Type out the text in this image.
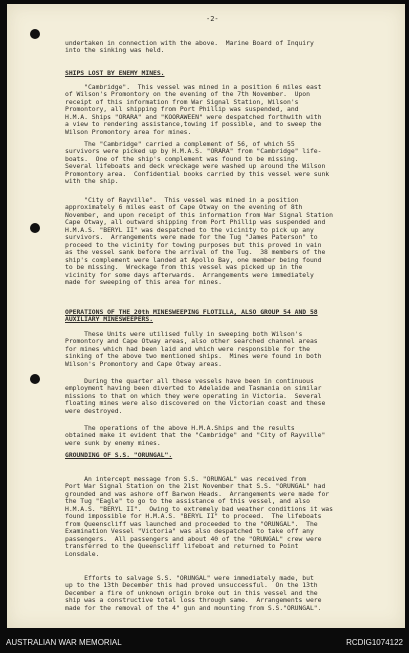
-2-

undertaken in connection with the above.  Marine Board of Inquiry
into the sinking was held.

SHIPS LOST BY ENEMY MINES.

"Cambridge".  This vessel was mined in a position 6 miles east
of Wilson's Promontory on the evening of the 7th November.  Upon
receipt of this information from War Signal Station, Wilson's
Promontory, all shipping from Port Phillip was suspended, and
H.M.A. Ships "ORARA" and "KOORAWEEN" were despatched forthwith with
a view to rendering assistance,towing if possible, and to sweep the
Wilson Promontory area for mines.

The "Cambridge" carried a complement of 56, of which 55
survivors were picked up by H.M.A.S. "ORARA" from "Cambridge" life-
boats.  One of the ship's complement was found to be missing.
Several lifeboats and deck wreckage were washed up around the Wilson
Promontory area.  Confidential books carried by this vessel were sunk
with the ship.

"City of Rayville".  This vessel was mined in a position
approximately 6 miles east of Cape Otway on the evening of 8th
November, and upon receipt of this information from War Signal Station
Cape Otway, all outward shipping from Port Phillip was suspended and
H.M.A.S. "BERYL II" was despatched to the vicinity to pick up any
survivors.  Arrangements were made for the Tug "James Paterson" to
proceed to the vicinity for towing purposes but this proved in vain
as the vessel sank before the arrival of the Tug.  38 members of the
ship's complement were landed at Apollo Bay, one member being found
to be missing.  Wreckage from this vessel was picked up in the
vicinity for some days afterwards.  Arrangements were immediately
made for sweeping of this area for mines.

OPERATIONS OF THE 20th MINESWEEPING FLOTILLA, ALSO GROUP 54 AND 58
AUXILIARY MINESWEEPERS.

These Units were utilised fully in sweeping both Wilson's
Promontory and Cape Otway areas, also other searched channel areas
for mines which had been laid and which were responsible for the
sinking of the above two mentioned ships.  Mines were found in both
Wilson's Promontory and Cape Otway areas.

During the quarter all these vessels have been in continuous
employment having been diverted to Adelaide and Tasmania on similar
missions to that on which they were operating in Victoria.  Several
floating mines were also discovered on the Victorian coast and these
were destroyed.

The operations of the above H.M.A.Ships and the results
obtained make it evident that the "Cambridge" and "City of Rayville"
were sunk by enemy mines.

GROUNDING OF S.S. "ORUNGAL".

An intercept message from S.S. "ORUNGAL" was received from
Port War Signal Station on the 21st November that S.S. "ORUNGAL" had
grounded and was ashore off Barwon Heads.  Arrangements were made for
the Tug "Eagle" to go to the assistance of this vessel, and also
H.M.A.S. "BERYL II".  Owing to extremely bad weather conditions it was
found impossible for H.M.A.S. "BERYL II" to proceed.  The lifeboats
from Queenscliff was launched and proceeded to the "ORUNGAL".  The
Examination Vessel "Victoria" was also despatched to take off any
passengers.  All passengers and about 40 of the "ORUNGAL" crew were
transferred to the Queenscliff lifeboat and returned to Point
Lonsdale.

Efforts to salvage S.S. "ORUNGAL" were immediately made, but
up to the 13th December this had proved unsuccessful.  On the 13th
December a fire of unknown origin broke out in this vessel and the
ship was a constructive total loss through same.  Arrangements were
made for the removal of the 4" gun and mounting from S.S."ORUNGAL".

AUSTRALIAN WAR MEMORIAL	RCDIG1074122
